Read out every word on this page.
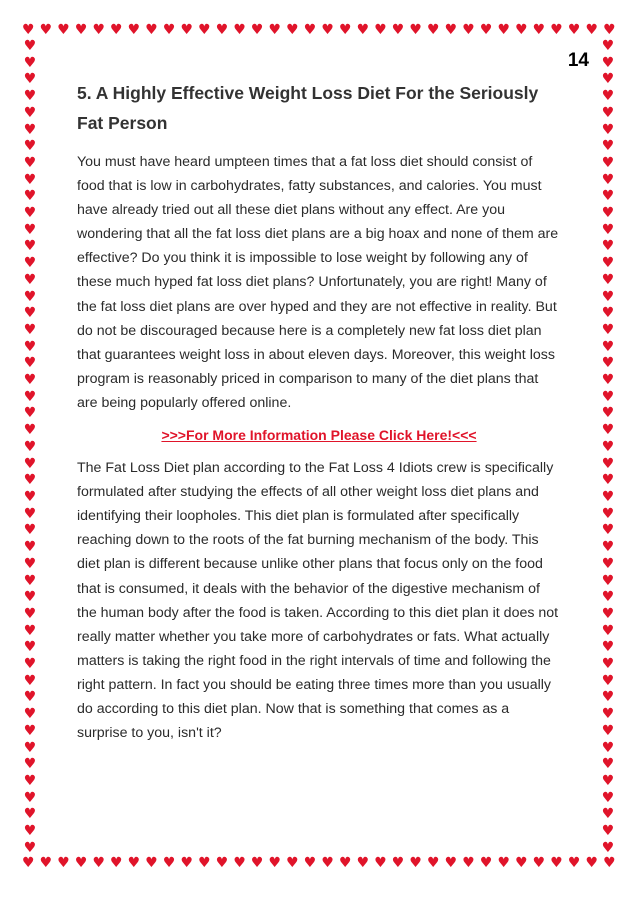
♥ ♥ ♥ ♥ ♥ ♥ ♥ ♥ ♥ ♥ ♥ ♥ ♥ ♥ ♥ ♥ ♥ ♥ ♥ ♥ ♥ ♥ ♥ ♥ ♥ ♥ ♥ ♥ ♥ ♥ ♥ ♥ ♥ ♥
♥ ♥ ♥ ♥ ♥ ♥ ♥ ♥ ♥ ♥ ♥ ♥ ♥ ♥ ♥ ♥ ♥ ♥ ♥ ♥ ♥ ♥ ♥ ♥ ♥ ♥ ♥ ♥ ♥ ♥ ♥ ♥ ♥ ♥
♥
♥
♥
♥
♥
♥
♥
♥
♥
♥
♥
♥
♥
♥
♥
♥
♥
♥
♥
♥
♥
♥
♥
♥
♥
♥
♥
♥
♥
♥
♥
♥
♥
♥
♥
♥
♥
♥
♥
♥
♥
♥
♥
♥
♥
♥
♥
♥
♥
♥
♥
♥
♥
♥
♥
♥
♥
♥
♥
♥
♥
♥
♥
♥
♥
♥
♥
♥
♥
♥
♥
♥
♥
♥
♥
♥
♥
♥
♥
♥
♥
♥
♥
♥
♥
♥
♥
♥
♥
♥
♥
♥
♥
♥
♥
♥
♥
♥
14
5. A Highly Effective Weight Loss Diet For the Seriously Fat Person

You must have heard umpteen times that a fat loss diet should consist of food that is low in carbohydrates, fatty substances, and calories. You must have already tried out all these diet plans without any effect. Are you wondering that all the fat loss diet plans are a big hoax and none of them are effective? Do you think it is impossible to lose weight by following any of these much hyped fat loss diet plans? Unfortunately, you are right! Many of the fat loss diet plans are over hyped and they are not effective in reality. But do not be discouraged because here is a completely new fat loss diet plan that guarantees weight loss in about eleven days. Moreover, this weight loss program is reasonably priced in comparison to many of the diet plans that are being popularly offered online.

>>>For More Information Please Click Here!<<<

The Fat Loss Diet plan according to the Fat Loss 4 Idiots crew is specifically formulated after studying the effects of all other weight loss diet plans and identifying their loopholes. This diet plan is formulated after specifically reaching down to the roots of the fat burning mechanism of the body. This diet plan is different because unlike other plans that focus only on the food that is consumed, it deals with the behavior of the digestive mechanism of the human body after the food is taken. According to this diet plan it does not really matter whether you take more of carbohydrates or fats. What actually matters is taking the right food in the right intervals of time and following the right pattern. In fact you should be eating three times more than you usually do according to this diet plan. Now that is something that comes as a surprise to you, isn't it?
